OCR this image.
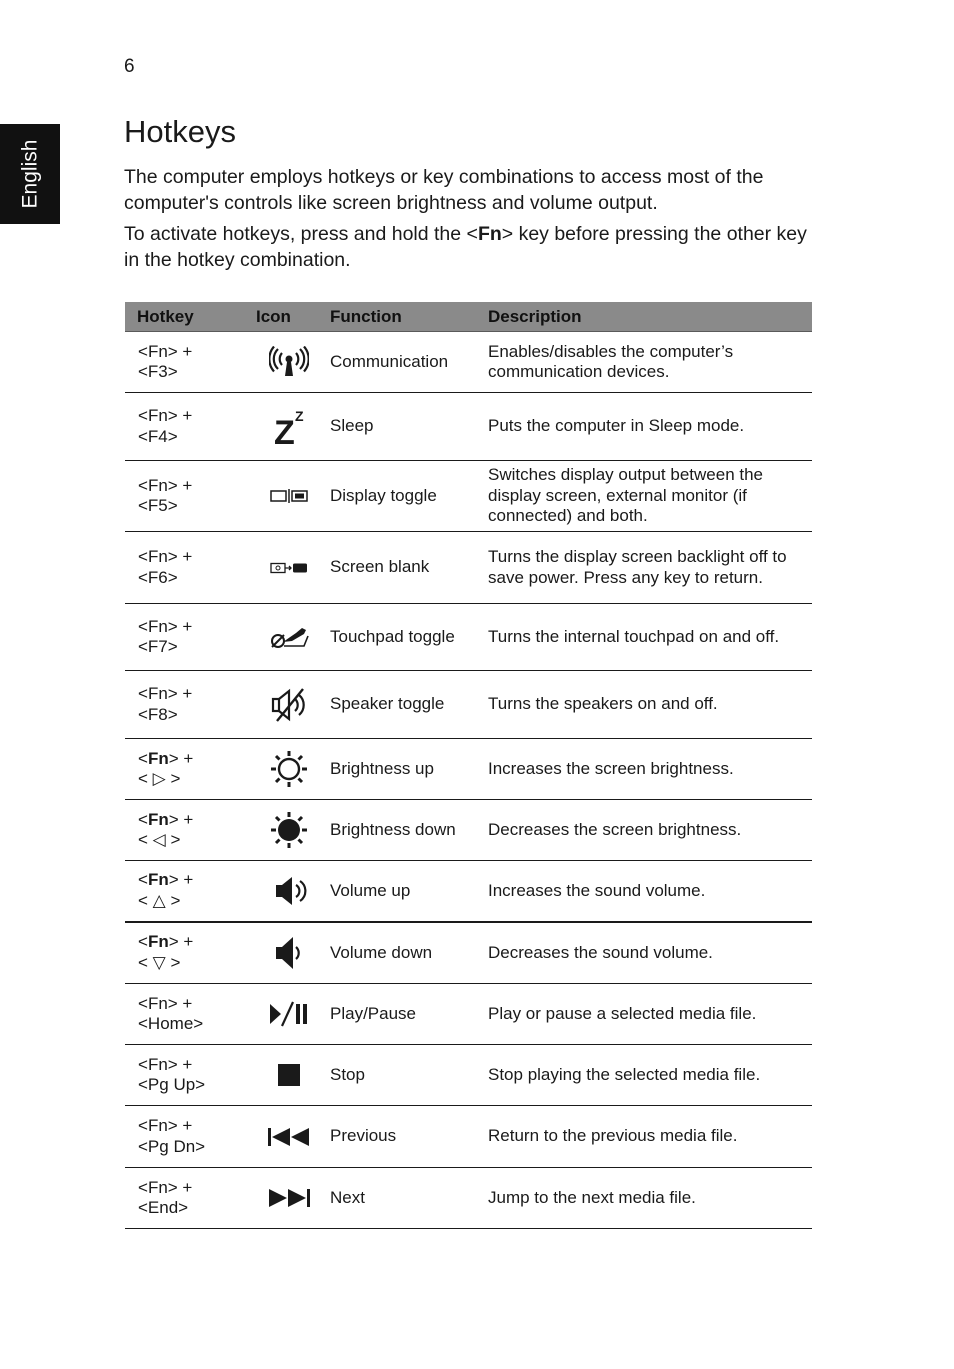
6
English
Hotkeys

The computer employs hotkeys or key combinations to access most of the computer's controls like screen brightness and volume output.

To activate hotkeys, press and hold the <Fn> key before pressing the other key in the hotkey combination.

Hotkey	Icon	Function	Description

<Fn> +
<F3>		Communication	Enables/disables the computer’s communication devices.

<Fn> +
<F4>	Z Z	Sleep	Puts the computer in Sleep mode.

<Fn> +
<F5>		Display toggle	Switches display output between the display screen, external monitor (if connected) and both.

<Fn> +
<F6>		Screen blank	Turns the display screen backlight off to save power. Press any key to return.

<Fn> +
<F7>		Touchpad toggle	Turns the internal touchpad on and off.

<Fn> +
<F8>		Speaker toggle	Turns the speakers on and off.

<Fn> +
< ▷ >		Brightness up	Increases the screen brightness.

<Fn> +
< ◁ >		Brightness down	Decreases the screen brightness.

<Fn> +
< △ >		Volume up	Increases the sound volume.

<Fn> +
< ▽ >		Volume down	Decreases the sound volume.

<Fn> +
<Home>		Play/Pause	Play or pause a selected media file.

<Fn> +
<Pg Up>		Stop	Stop playing the selected media file.

<Fn> +
<Pg Dn>		Previous	Return to the previous media file.

<Fn> +
<End>		Next	Jump to the next media file.
